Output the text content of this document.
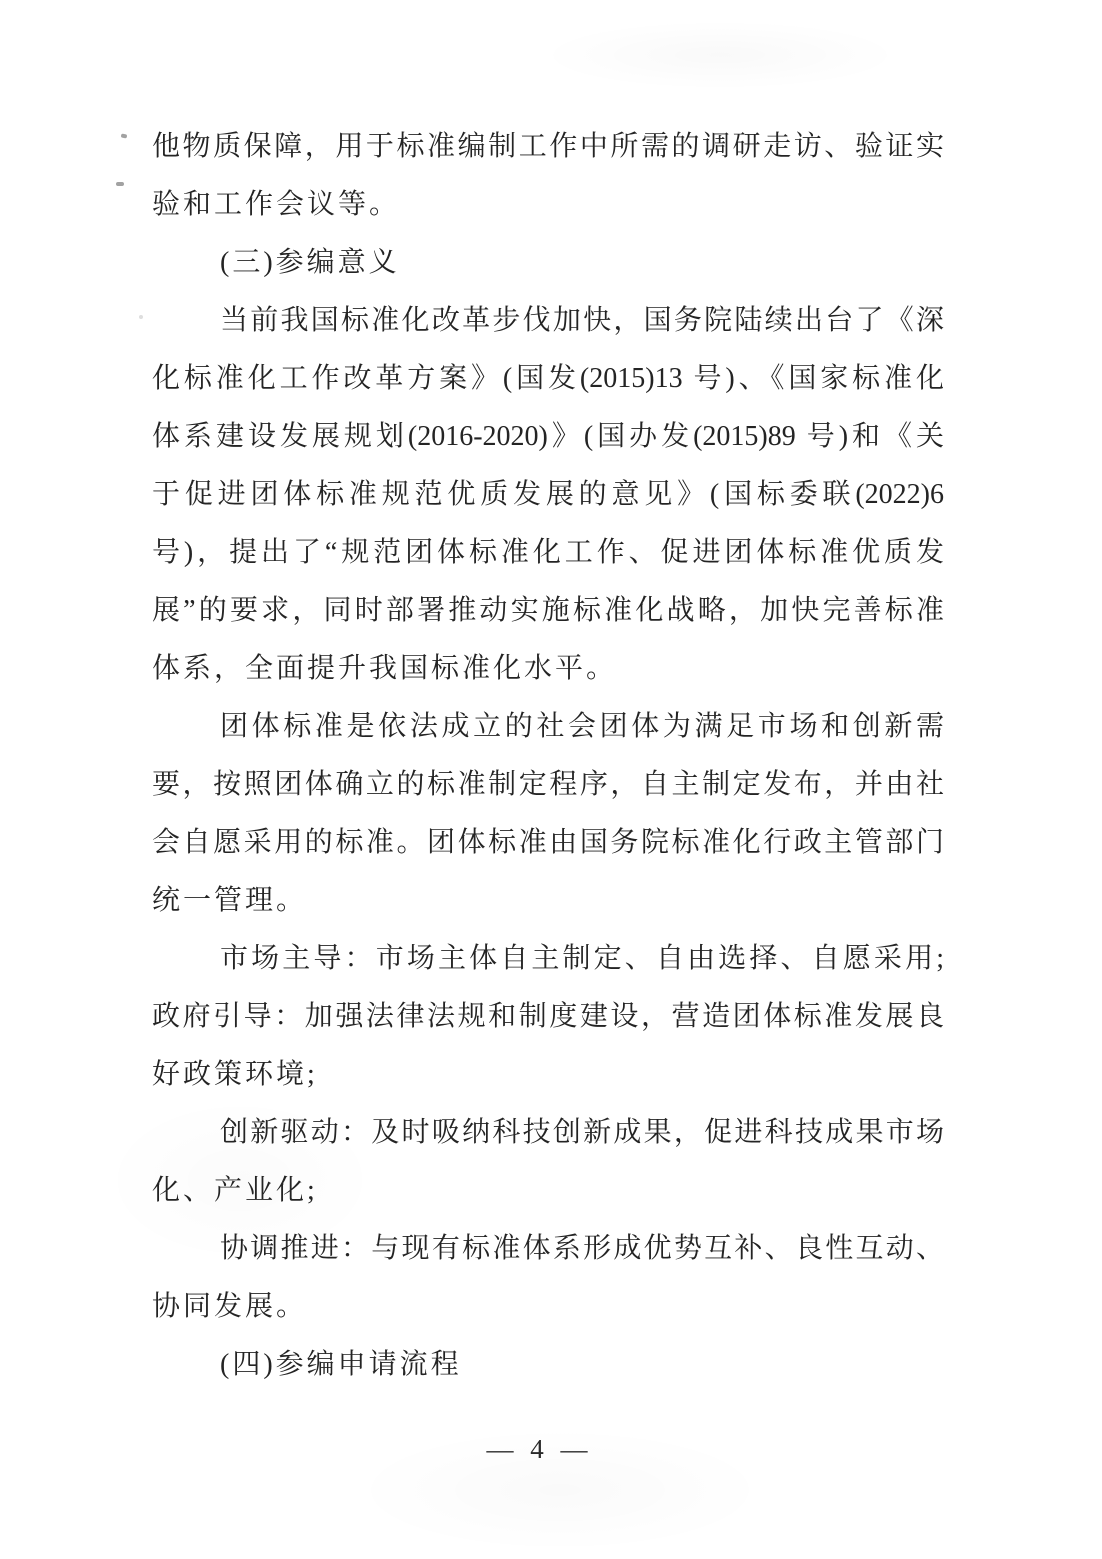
他物质保障，用于标准编制工作中所需的调研走访、验证实
验和工作会议等。
(三)参编意义
当前我国标准化改革步伐加快，国务院陆续出台了《深
化标准化工作改革方案》(国发(2015)13 号)、《国家标准化
体系建设发展规划(2016-2020)》(国办发(2015)89 号)和《关
于促进团体标准规范优质发展的意见》(国标委联(2022)6
号)，提出了“规范团体标准化工作、促进团体标准优质发
展”的要求，同时部署推动实施标准化战略，加快完善标准
体系，全面提升我国标准化水平。
团体标准是依法成立的社会团体为满足市场和创新需
要，按照团体确立的标准制定程序，自主制定发布，并由社
会自愿采用的标准。团体标准由国务院标准化行政主管部门
统一管理。
市场主导：市场主体自主制定、自由选择、自愿采用;
政府引导：加强法律法规和制度建设，营造团体标准发展良
好政策环境;
创新驱动：及时吸纳科技创新成果，促进科技成果市场
化、产业化;
协调推进：与现有标准体系形成优势互补、良性互动、
协同发展。
(四)参编申请流程
— 4 —
